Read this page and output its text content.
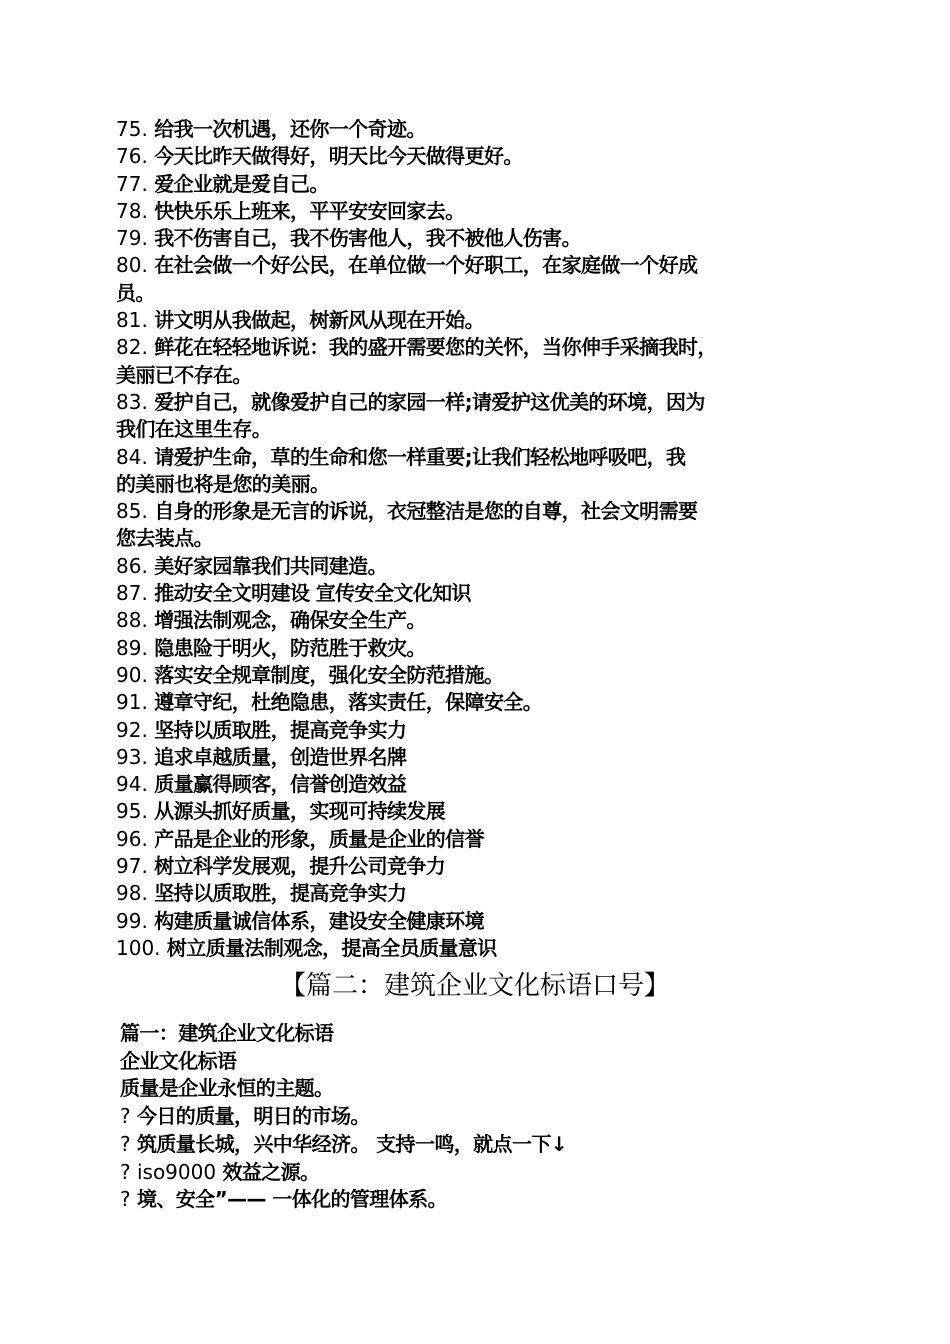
75. 给我一次机遇，还你一个奇迹。
76. 今天比昨天做得好，明天比今天做得更好。
77. 爱企业就是爱自己。
78. 快快乐乐上班来，平平安安回家去。
79. 我不伤害自己，我不伤害他人，我不被他人伤害。
80. 在社会做一个好公民，在单位做一个好职工，在家庭做一个好成
员。
81. 讲文明从我做起，树新风从现在开始。
82. 鲜花在轻轻地诉说：我的盛开需要您的关怀，当你伸手采摘我时，
美丽已不存在。
83. 爱护自己，就像爱护自己的家园一样;请爱护这优美的环境，因为
我们在这里生存。
84. 请爱护生命，草的生命和您一样重要;让我们轻松地呼吸吧，我
的美丽也将是您的美丽。
85. 自身的形象是无言的诉说，衣冠整洁是您的自尊，社会文明需要
您去装点。
86. 美好家园靠我们共同建造。
87. 推动安全文明建设 宣传安全文化知识
88. 增强法制观念，确保安全生产。
89. 隐患险于明火，防范胜于救灾。
90. 落实安全规章制度，强化安全防范措施。
91. 遵章守纪，杜绝隐患，落实责任，保障安全。
92. 坚持以质取胜，提高竞争实力
93. 追求卓越质量，创造世界名牌
94. 质量赢得顾客，信誉创造效益
95. 从源头抓好质量，实现可持续发展
96. 产品是企业的形象，质量是企业的信誉
97. 树立科学发展观，提升公司竞争力
98. 坚持以质取胜，提高竞争实力
99. 构建质量诚信体系，建设安全健康环境
100. 树立质量法制观念，提高全员质量意识
【篇二：建筑企业文化标语口号】
篇一：建筑企业文化标语
企业文化标语
质量是企业永恒的主题。
? 今日的质量，明日的市场。
? 筑质量长城，兴中华经济。 支持一鸣，就点一下↓
? iso9000 效益之源。
? 境、安全”—— 一体化的管理体系。
